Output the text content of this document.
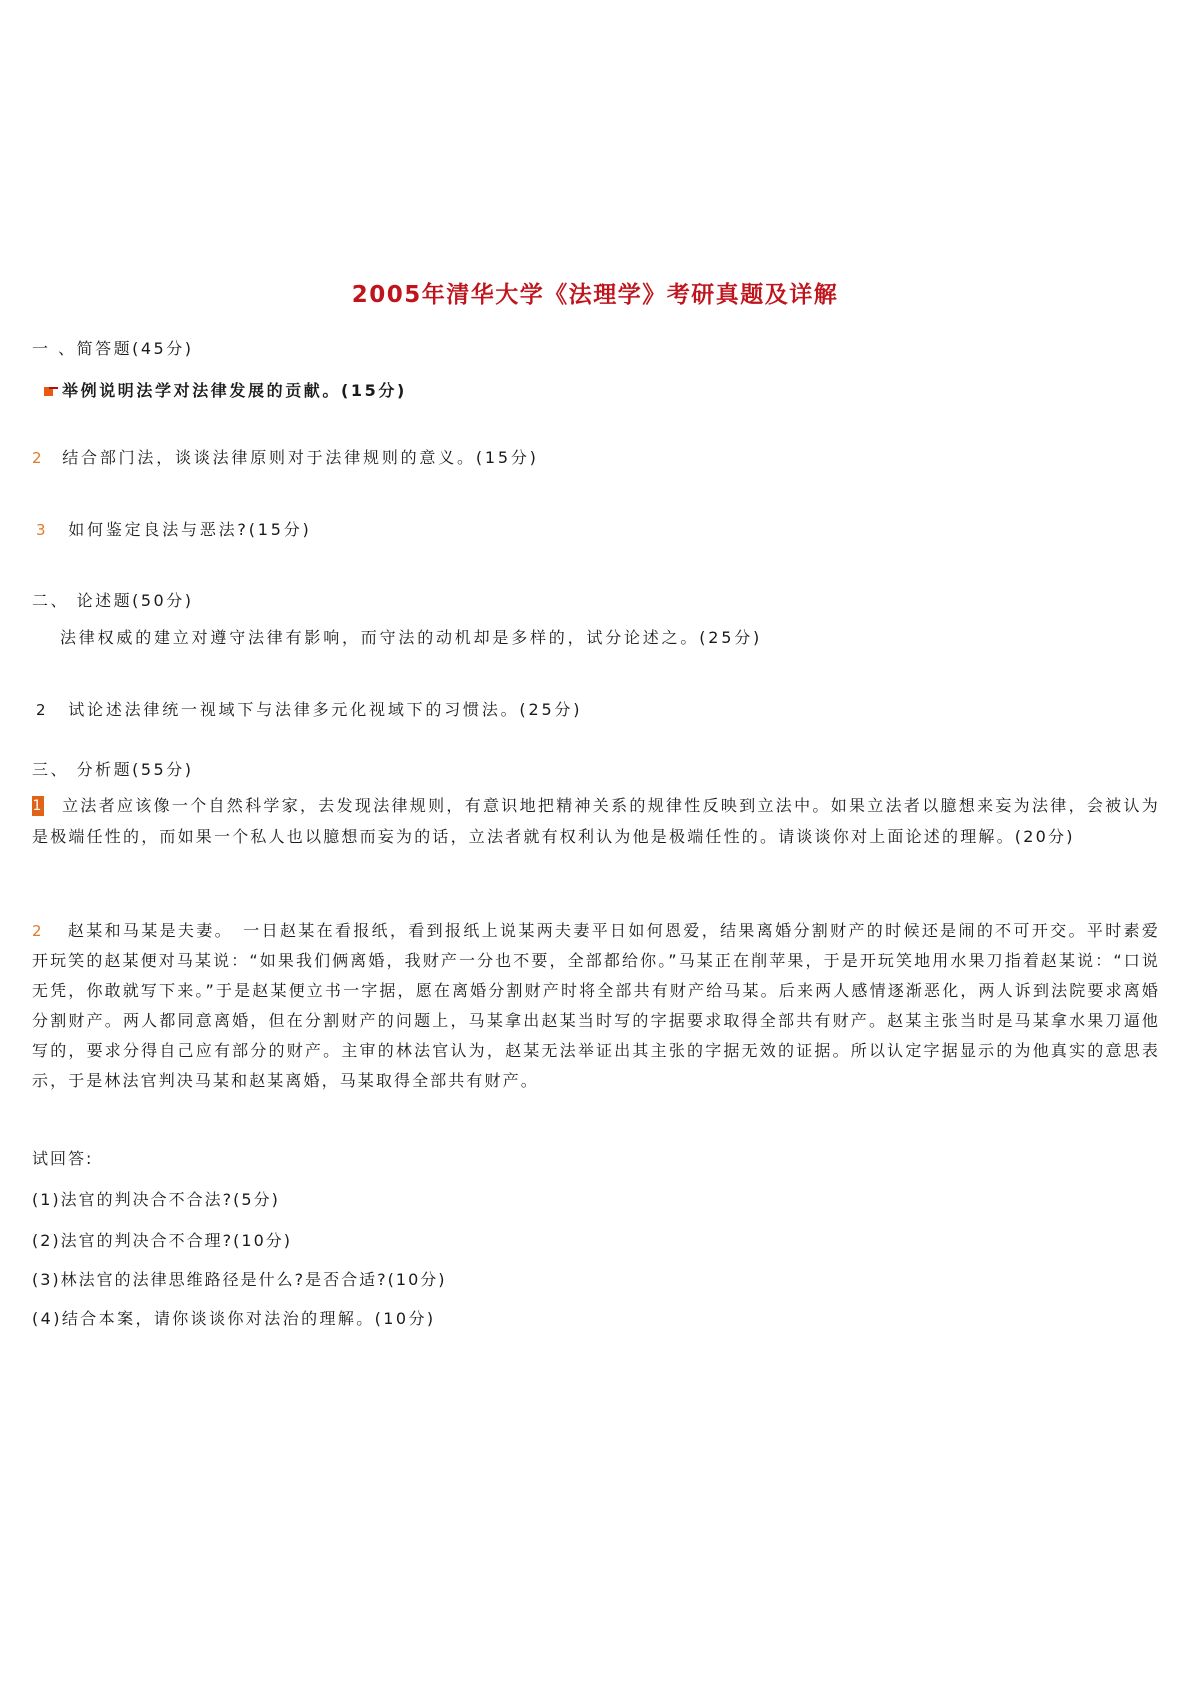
2005年清华大学《法理学》考研真题及详解
一 、简答题(45分)
举例说明法学对法律发展的贡献。(15分)
2 结合部门法，谈谈法律原则对于法律规则的意义。(15分)
3 如何鉴定良法与恶法?(15分)
二、 论述题(50分)
法律权威的建立对遵守法律有影响，而守法的动机却是多样的，试分论述之。(25分)
2 试论述法律统一视域下与法律多元化视域下的习惯法。(25分)
三、 分析题(55分)
1 立法者应该像一个自然科学家，去发现法律规则，有意识地把精神关系的规律性反映到立法中。如果立法者以臆想来妄为法律，会被认为是极端任性的，而如果一个私人也以臆想而妄为的话，立法者就有权利认为他是极端任性的。请谈谈你对上面论述的理解。(20分)
2 赵某和马某是夫妻。　一日赵某在看报纸，看到报纸上说某两夫妻平日如何恩爱，结果离婚分割财产的时候还是闹的不可开交。平时素爱开玩笑的赵某便对马某说：“如果我们俩离婚，我财产一分也不要，全部都给你。”马某正在削苹果，于是开玩笑地用水果刀指着赵某说：“口说无凭，你敢就写下来。”于是赵某便立书一字据，愿在离婚分割财产时将全部共有财产给马某。后来两人感情逐渐恶化，两人诉到法院要求离婚分割财产。两人都同意离婚，但在分割财产的问题上，马某拿出赵某当时写的字据要求取得全部共有财产。赵某主张当时是马某拿水果刀逼他写的，要求分得自己应有部分的财产。主审的林法官认为，赵某无法举证出其主张的字据无效的证据。所以认定字据显示的为他真实的意思表示，于是林法官判决马某和赵某离婚，马某取得全部共有财产。
试回答:
(1)法官的判决合不合法?(5分)
(2)法官的判决合不合理?(10分)
(3)林法官的法律思维路径是什么?是否合适?(10分)
(4)结合本案，请你谈谈你对法治的理解。(10分)
